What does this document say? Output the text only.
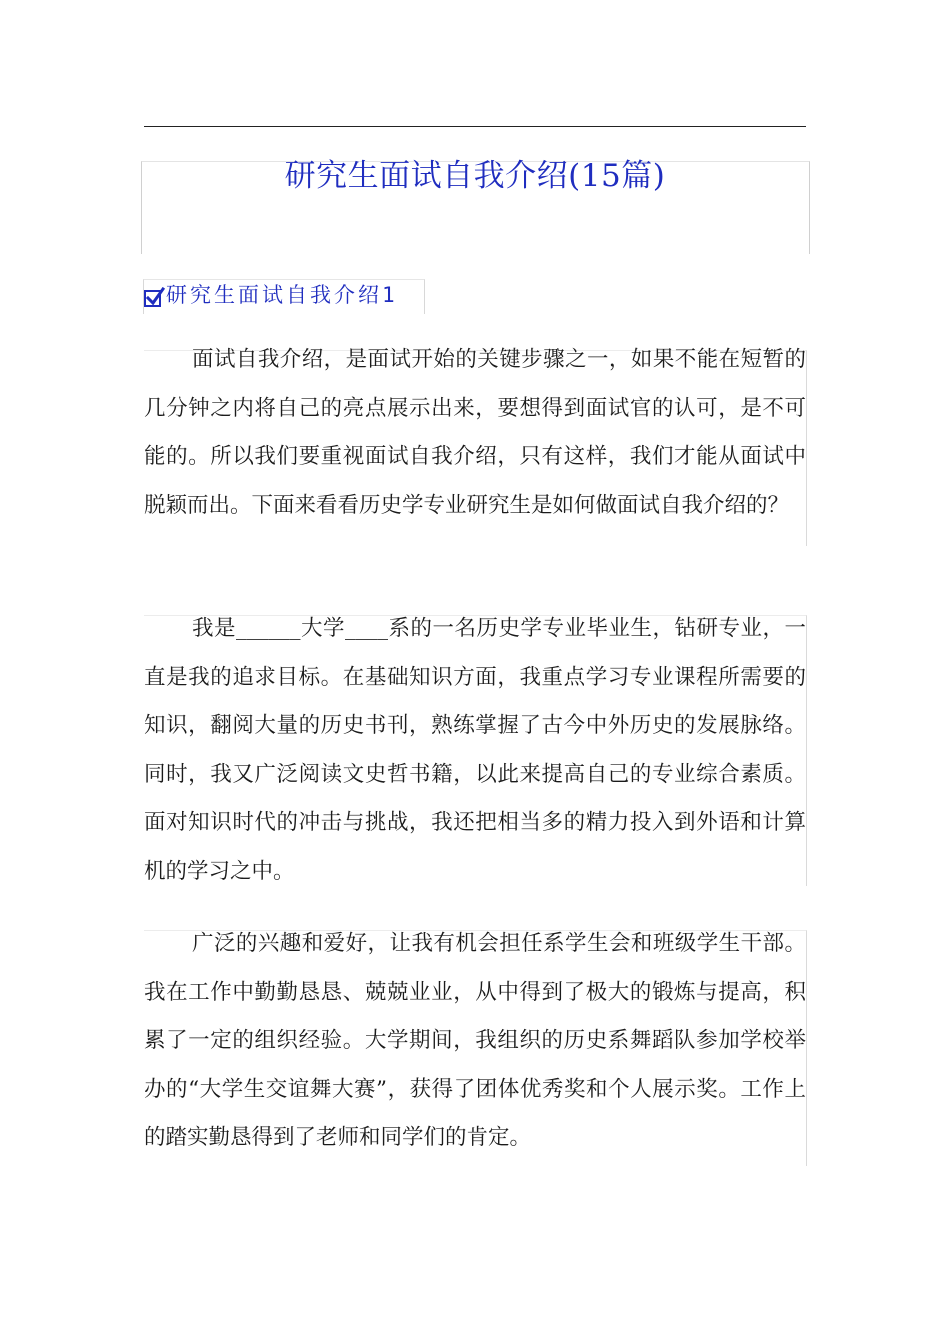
研究生面试自我介绍(15篇)
研究生面试自我介绍1

面试自我介绍，是面试开始的关键步骤之一，如果不能在短暂的几分钟之内将自己的亮点展示出来，要想得到面试官的认可，是不可能的。所以我们要重视面试自我介绍，只有这样，我们才能从面试中脱颖而出。下面来看看历史学专业研究生是如何做面试自我介绍的？

我是______大学____系的一名历史学专业毕业生，钻研专业，一直是我的追求目标。在基础知识方面，我重点学习专业课程所需要的知识，翻阅大量的历史书刊，熟练掌握了古今中外历史的发展脉络。同时，我又广泛阅读文史哲书籍，以此来提高自己的专业综合素质。面对知识时代的冲击与挑战，我还把相当多的精力投入到外语和计算机的学习之中。

广泛的兴趣和爱好，让我有机会担任系学生会和班级学生干部。我在工作中勤勤恳恳、兢兢业业，从中得到了极大的锻炼与提高，积累了一定的组织经验。大学期间，我组织的历史系舞蹈队参加学校举办的“大学生交谊舞大赛”，获得了团体优秀奖和个人展示奖。工作上的踏实勤恳得到了老师和同学们的肯定。
